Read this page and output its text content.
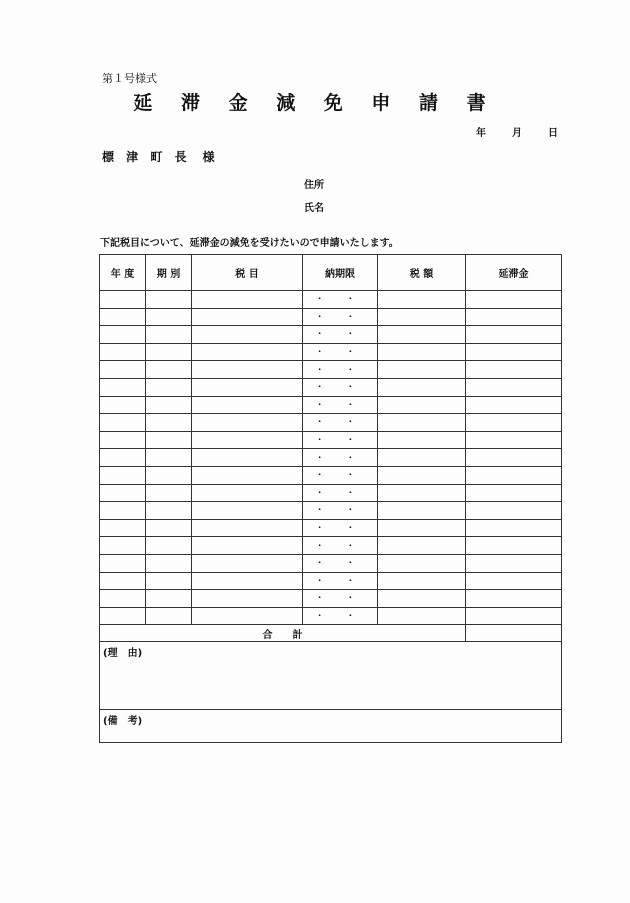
第１号様式
延 滞 金 減 免 申 請 書
年	月	日
標 津 町 長 様
住所
氏名
下記税目について、延滞金の減免を受けたいので申請いたします。
年 度	期 別	税 目	納期限	税 額	延滞金
			・ ・		
			・ ・		
			・ ・		
			・ ・		
			・ ・		
			・ ・		
			・ ・		
			・ ・		
			・ ・		
			・ ・		
			・ ・		
			・ ・		
			・ ・		
			・ ・		
			・ ・		
			・ ・		
			・ ・		
			・ ・		
			・ ・		
合　　計					
(理　由)					
(備　考)					
